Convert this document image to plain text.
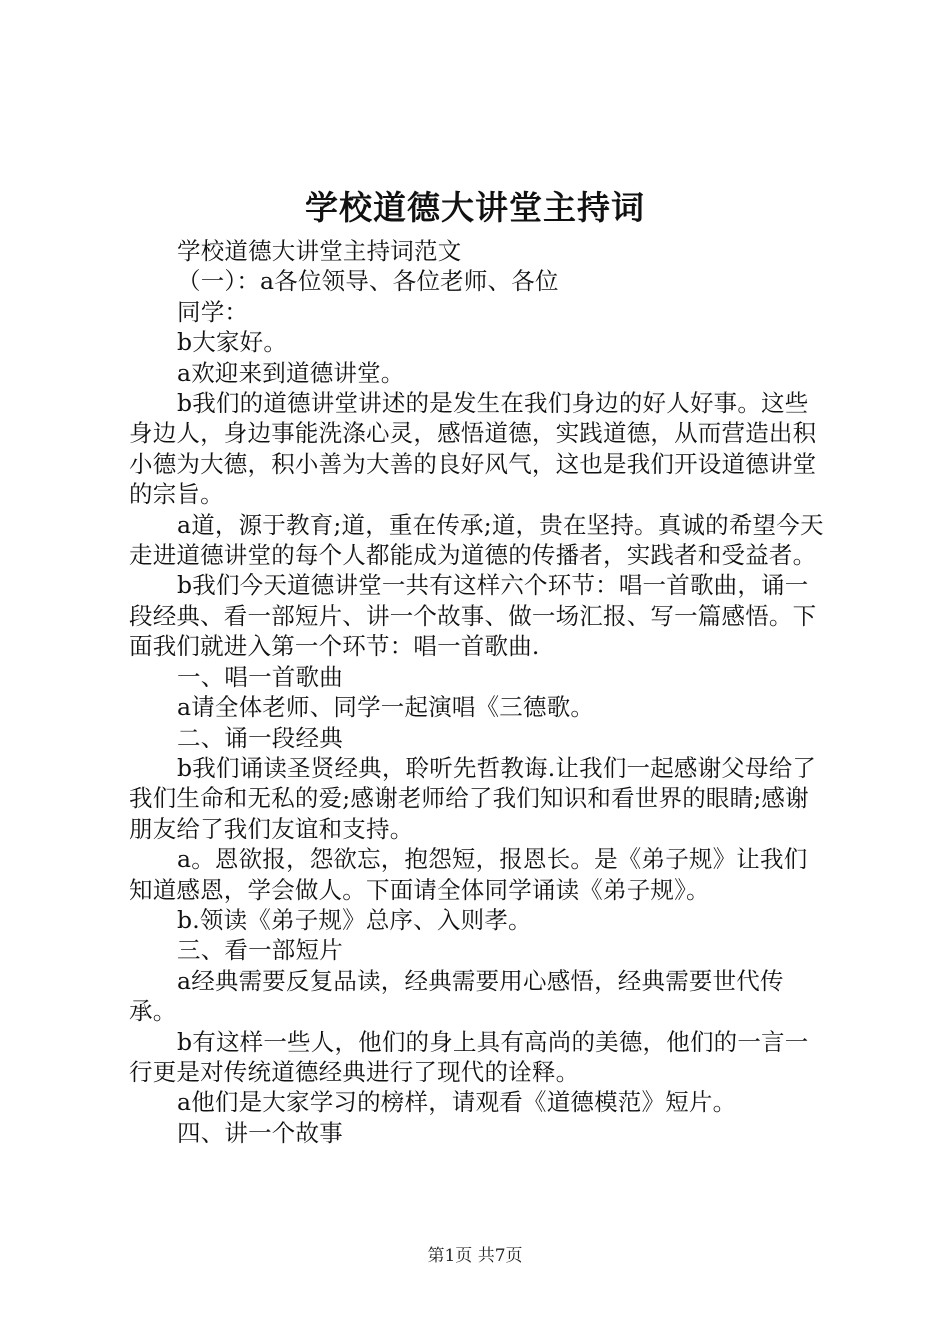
学校道德大讲堂主持词

学校道德大讲堂主持词范文

（一）：a各位领导、各位老师、各位

同学：

b大家好。

a欢迎来到道德讲堂。

b我们的道德讲堂讲述的是发生在我们身边的好人好事。这些身边人，身边事能洗涤心灵，感悟道德，实践道德，从而营造出积小德为大德，积小善为大善的良好风气，这也是我们开设道德讲堂的宗旨。

a道，源于教育;道，重在传承;道，贵在坚持。真诚的希望今天走进道德讲堂的每个人都能成为道德的传播者，实践者和受益者。

b我们今天道德讲堂一共有这样六个环节：唱一首歌曲，诵一段经典、看一部短片、讲一个故事、做一场汇报、写一篇感悟。下面我们就进入第一个环节：唱一首歌曲.

一、唱一首歌曲

a请全体老师、同学一起演唱《三德歌。

二、诵一段经典

b我们诵读圣贤经典，聆听先哲教诲.让我们一起感谢父母给了我们生命和无私的爱;感谢老师给了我们知识和看世界的眼睛;感谢朋友给了我们友谊和支持。

a。恩欲报，怨欲忘，抱怨短，报恩长。是《弟子规》让我们知道感恩，学会做人。下面请全体同学诵读《弟子规》。

b.领读《弟子规》总序、入则孝。

三、看一部短片

a经典需要反复品读，经典需要用心感悟，经典需要世代传承。

b有这样一些人，他们的身上具有高尚的美德，他们的一言一行更是对传统道德经典进行了现代的诠释。

a他们是大家学习的榜样，请观看《道德模范》短片。

四、讲一个故事

第1页 共7页
